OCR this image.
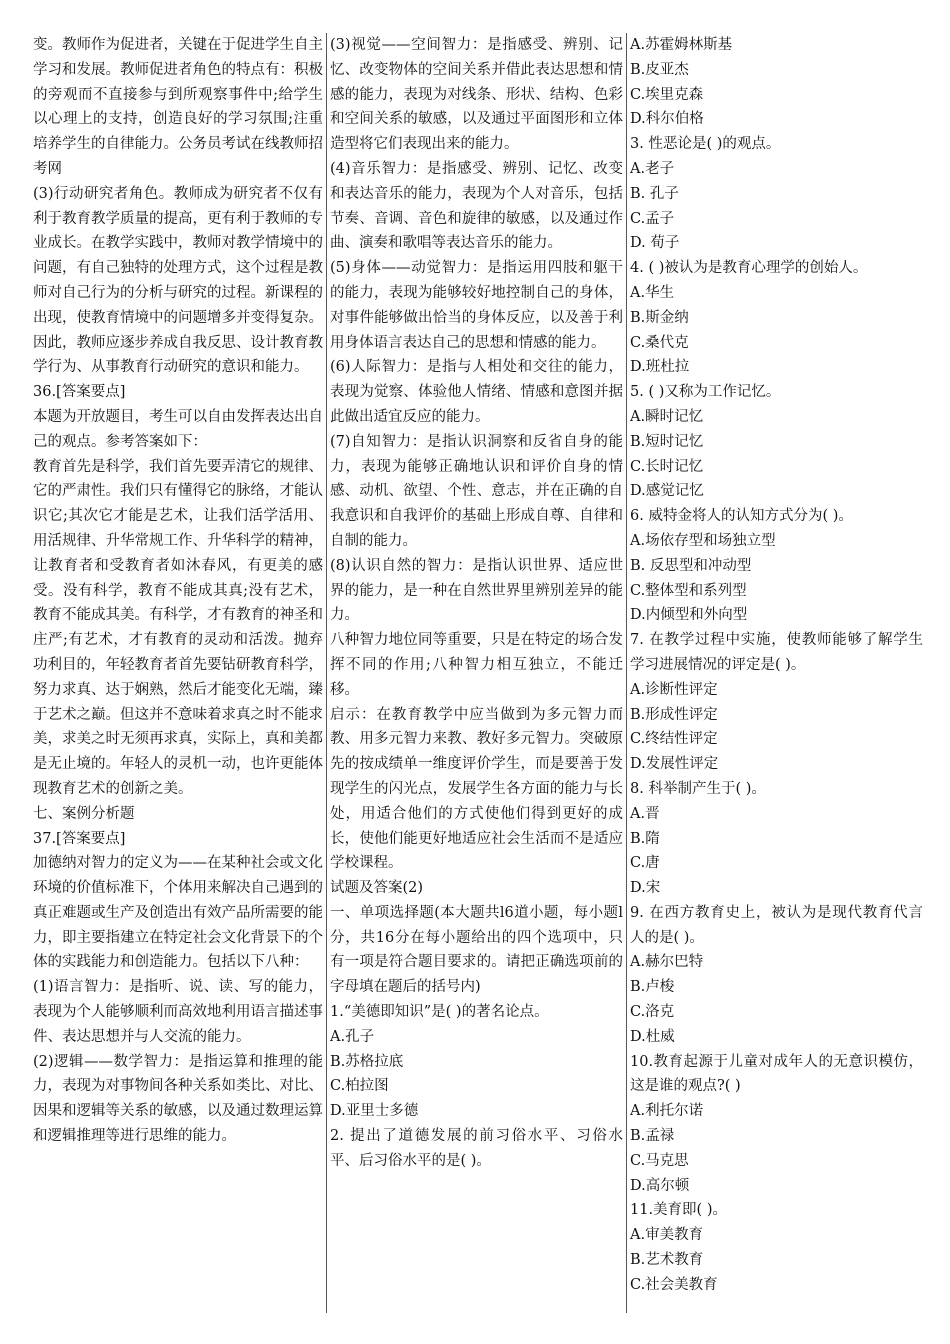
变。教师作为促进者，关键在于促进学生自主学习和发展。教师促进者角色的特点有：积极的旁观而不直接参与到所观察事件中;给学生以心理上的支持，创造良好的学习氛围;注重培养学生的自律能力。公务员考试在线教师招考网

(3)行动研究者角色。教师成为研究者不仅有利于教育教学质量的提高，更有利于教师的专业成长。在教学实践中，教师对教学情境中的问题，有自己独特的处理方式，这个过程是教师对自己行为的分析与研究的过程。新课程的出现，使教育情境中的问题增多并变得复杂。

因此，教师应逐步养成自我反思、设计教育教学行为、从事教育行动研究的意识和能力。

36.[答案要点]

本题为开放题目，考生可以自由发挥表达出自己的观点。参考答案如下：

教育首先是科学，我们首先要弄清它的规律、它的严肃性。我们只有懂得它的脉络，才能认识它;其次它才能是艺术，让我们活学活用、用活规律、升华常规工作、升华科学的精神，让教育者和受教育者如沐春风，有更美的感受。没有科学，教育不能成其真;没有艺术，教育不能成其美。有科学，才有教育的神圣和庄严;有艺术，才有教育的灵动和活泼。抛弃功利目的，年轻教育者首先要钻研教育科学，努力求真、达于娴熟，然后才能变化无端，臻于艺术之巅。但这并不意味着求真之时不能求美，求美之时无须再求真，实际上，真和美都是无止境的。年轻人的灵机一动，也许更能体现教育艺术的创新之美。

七、案例分析题

37.[答案要点]

加德纳对智力的定义为——在某种社会或文化环境的价值标准下，个体用来解决自己遇到的真正难题或生产及创造出有效产品所需要的能力，即主要指建立在特定社会文化背景下的个体的实践能力和创造能力。包括以下八种：

(1)语言智力：是指听、说、读、写的能力，表现为个人能够顺利而高效地利用语言描述事件、表达思想并与人交流的能力。

(2)逻辑——数学智力：是指运算和推理的能力，表现为对事物间各种关系如类比、对比、因果和逻辑等关系的敏感，以及通过数理运算和逻辑推理等进行思维的能力。

(3)视觉——空间智力：是指感受、辨别、记忆、改变物体的空间关系并借此表达思想和情感的能力，表现为对线条、形状、结构、色彩和空间关系的敏感，以及通过平面图形和立体造型将它们表现出来的能力。

(4)音乐智力：是指感受、辨别、记忆、改变和表达音乐的能力，表现为个人对音乐，包括节奏、音调、音色和旋律的敏感，以及通过作曲、演奏和歌唱等表达音乐的能力。

(5)身体——动觉智力：是指运用四肢和躯干的能力，表现为能够较好地控制自己的身体，对事件能够做出恰当的身体反应，以及善于利用身体语言表达自己的思想和情感的能力。

(6)人际智力：是指与人相处和交往的能力，表现为觉察、体验他人情绪、情感和意图并据此做出适宜反应的能力。

(7)自知智力：是指认识洞察和反省自身的能力，表现为能够正确地认识和评价自身的情感、动机、欲望、个性、意志，并在正确的自我意识和自我评价的基础上形成自尊、自律和自制的能力。

(8)认识自然的智力：是指认识世界、适应世界的能力，是一种在自然世界里辨别差异的能力。

八种智力地位同等重要，只是在特定的场合发挥不同的作用;八种智力相互独立，不能迁移。

启示：在教育教学中应当做到为多元智力而教、用多元智力来教、教好多元智力。突破原先的按成绩单一维度评价学生，而是要善于发现学生的闪光点，发展学生各方面的能力与长处，用适合他们的方式使他们得到更好的成长，使他们能更好地适应社会生活而不是适应学校课程。

试题及答案(2)

一、单项选择题(本大题共l6道小题，每小题l分，共16分在每小题给出的四个选项中，只有一项是符合题目要求的。请把正确选项前的字母填在题后的括号内)

1.“美德即知识”是( )的著名论点。

A.孔子

B.苏格拉底

C.柏拉图

D.亚里士多德

2. 提出了道德发展的前习俗水平、习俗水平、后习俗水平的是( )。

A.苏霍姆林斯基

B.皮亚杰

C.埃里克森

D.科尔伯格

3. 性恶论是( )的观点。

A.老子

B. 孔子

C.孟子

D. 荀子

4. ( )被认为是教育心理学的创始人。

A.华生

B.斯金纳

C.桑代克

D.班杜拉

5. ( )又称为工作记忆。

A.瞬时记忆

B.短时记忆

C.长时记忆

D.感觉记忆

6. 威特金将人的认知方式分为( )。

A.场依存型和场独立型

B. 反思型和冲动型

C.整体型和系列型

D.内倾型和外向型

7. 在教学过程中实施，使教师能够了解学生学习进展情况的评定是( )。

A.诊断性评定

B.形成性评定

C.终结性评定

D.发展性评定

8. 科举制产生于( )。

A.晋

B.隋

C.唐

D.宋

9. 在西方教育史上，被认为是现代教育代言人的是( )。

A.赫尔巴特

B.卢梭

C.洛克

D.杜威

10.教育起源于儿童对成年人的无意识模仿，这是谁的观点?( )

A.利托尔诺

B.孟禄

C.马克思

D.高尔顿

11.美育即( )。

A.审美教育

B.艺术教育

C.社会美教育
